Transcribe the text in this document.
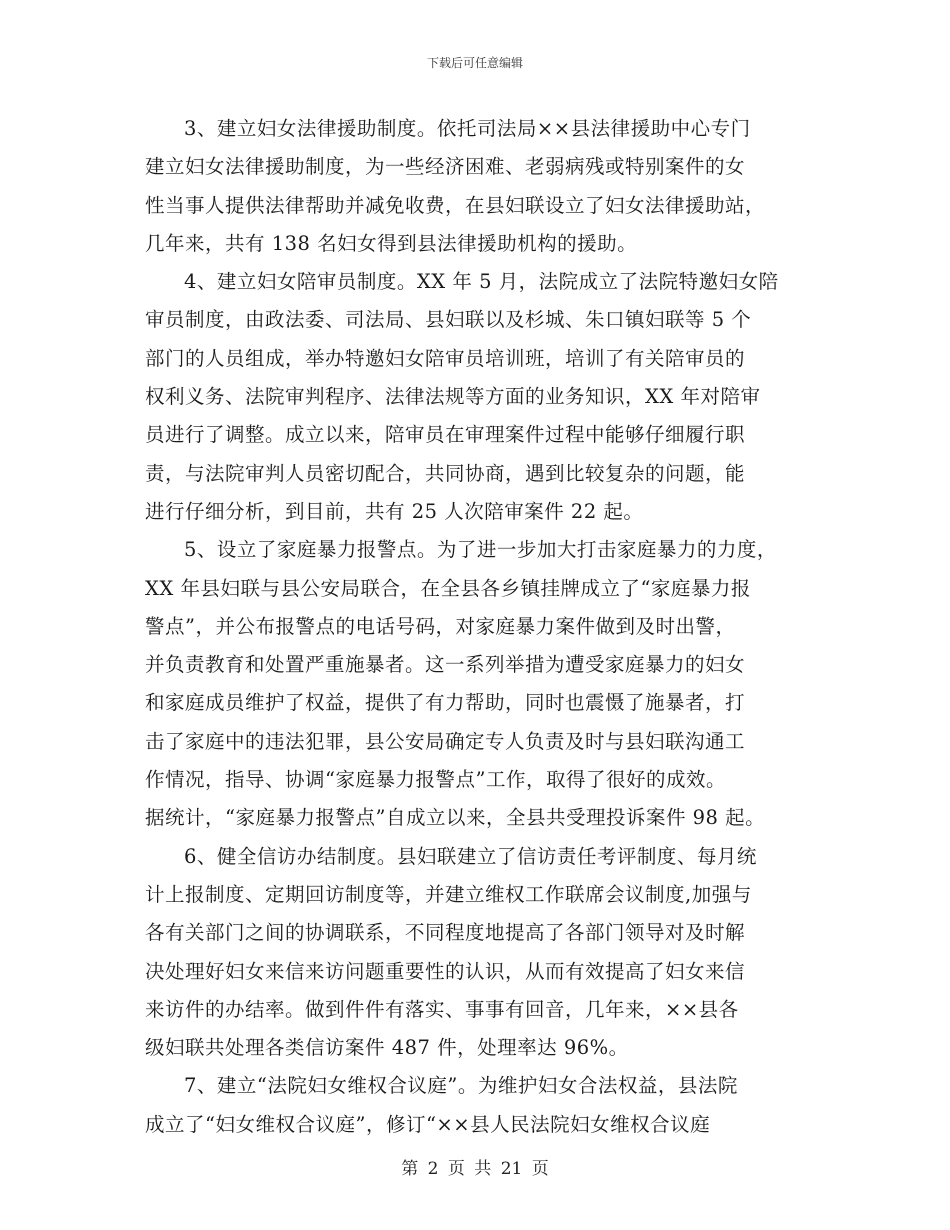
下载后可任意编辑
3、建立妇女法律援助制度。依托司法局××县法律援助中心专门
建立妇女法律援助制度，为一些经济困难、老弱病残或特别案件的女
性当事人提供法律帮助并减免收费，在县妇联设立了妇女法律援助站，
几年来，共有 138 名妇女得到县法律援助机构的援助。
4、建立妇女陪审员制度。XX 年 5 月，法院成立了法院特邀妇女陪
审员制度，由政法委、司法局、县妇联以及杉城、朱口镇妇联等 5 个
部门的人员组成，举办特邀妇女陪审员培训班，培训了有关陪审员的
权利义务、法院审判程序、法律法规等方面的业务知识，XX 年对陪审
员进行了调整。成立以来，陪审员在审理案件过程中能够仔细履行职
责，与法院审判人员密切配合，共同协商，遇到比较复杂的问题，能
进行仔细分析，到目前，共有 25 人次陪审案件 22 起。
5、设立了家庭暴力报警点。为了进一步加大打击家庭暴力的力度，
XX 年县妇联与县公安局联合，在全县各乡镇挂牌成立了“家庭暴力报
警点”，并公布报警点的电话号码，对家庭暴力案件做到及时出警，
并负责教育和处置严重施暴者。这一系列举措为遭受家庭暴力的妇女
和家庭成员维护了权益，提供了有力帮助，同时也震慑了施暴者，打
击了家庭中的违法犯罪，县公安局确定专人负责及时与县妇联沟通工
作情况，指导、协调“家庭暴力报警点”工作，取得了很好的成效。
据统计，“家庭暴力报警点”自成立以来，全县共受理投诉案件 98 起。
6、健全信访办结制度。县妇联建立了信访责任考评制度、每月统
计上报制度、定期回访制度等，并建立维权工作联席会议制度,加强与
各有关部门之间的协调联系，不同程度地提高了各部门领导对及时解
决处理好妇女来信来访问题重要性的认识，从而有效提高了妇女来信
来访件的办结率。做到件件有落实、事事有回音，几年来，××县各
级妇联共处理各类信访案件 487 件，处理率达 96%。
7、建立“法院妇女维权合议庭”。为维护妇女合法权益，县法院
成立了“妇女维权合议庭”，修订“××县人民法院妇女维权合议庭
第 2 页 共 21 页
